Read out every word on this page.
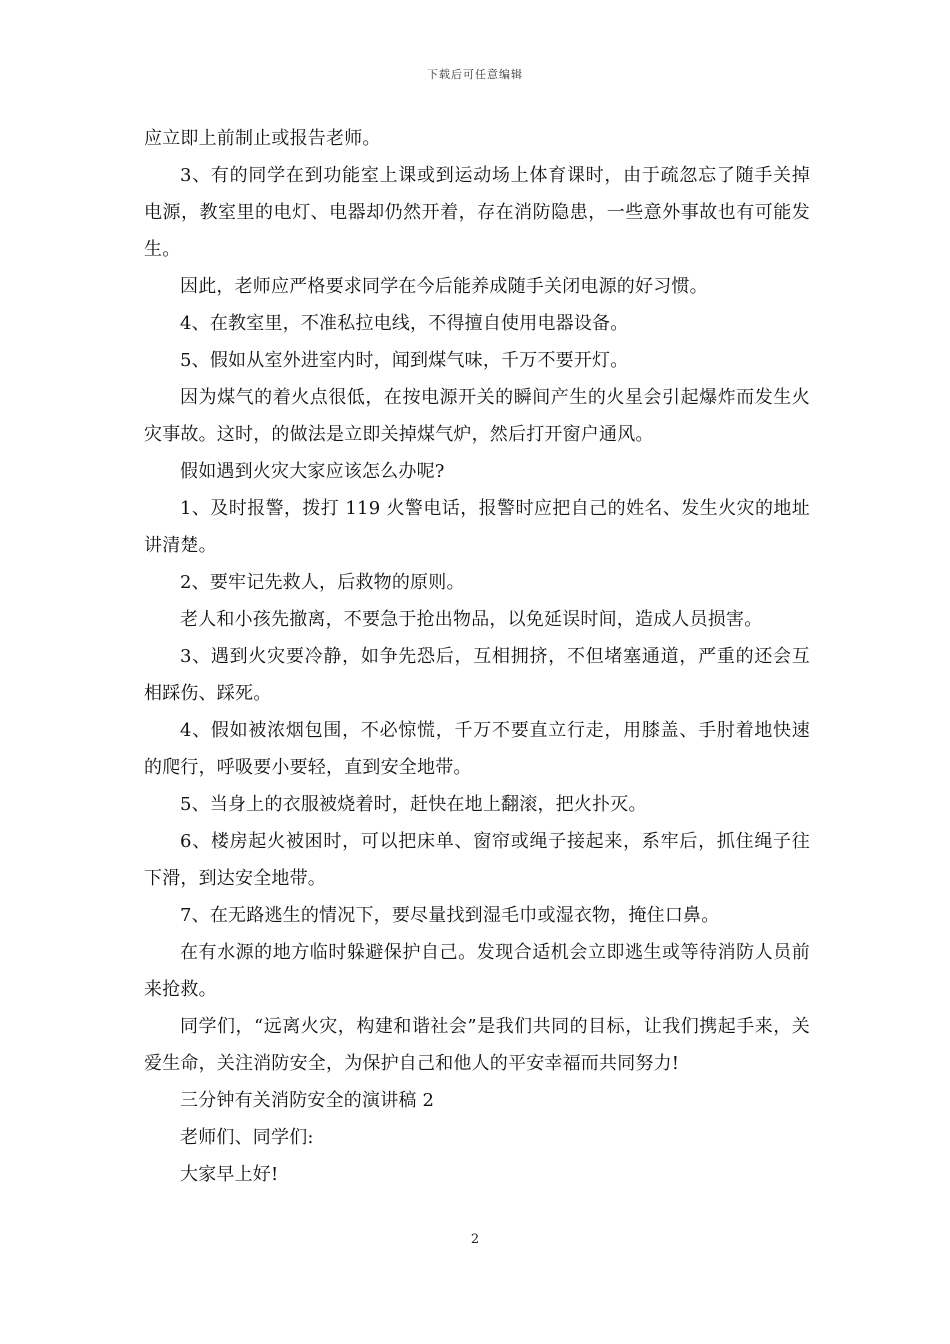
下载后可任意编辑

应立即上前制止或报告老师。

3、有的同学在到功能室上课或到运动场上体育课时，由于疏忽忘了随手关掉电源，教室里的电灯、电器却仍然开着，存在消防隐患，一些意外事故也有可能发生。

因此，老师应严格要求同学在今后能养成随手关闭电源的好习惯。

4、在教室里，不准私拉电线，不得擅自使用电器设备。

5、假如从室外进室内时，闻到煤气味，千万不要开灯。

因为煤气的着火点很低，在按电源开关的瞬间产生的火星会引起爆炸而发生火灾事故。这时，的做法是立即关掉煤气炉，然后打开窗户通风。

假如遇到火灾大家应该怎么办呢?

1、及时报警，拨打 119 火警电话，报警时应把自己的姓名、发生火灾的地址讲清楚。

2、要牢记先救人，后救物的原则。

老人和小孩先撤离，不要急于抢出物品，以免延误时间，造成人员损害。

3、遇到火灾要冷静，如争先恐后，互相拥挤，不但堵塞通道，严重的还会互相踩伤、踩死。

4、假如被浓烟包围，不必惊慌，千万不要直立行走，用膝盖、手肘着地快速的爬行，呼吸要小要轻，直到安全地带。

5、当身上的衣服被烧着时，赶快在地上翻滚，把火扑灭。

6、楼房起火被困时，可以把床单、窗帘或绳子接起来，系牢后，抓住绳子往下滑，到达安全地带。

7、在无路逃生的情况下，要尽量找到湿毛巾或湿衣物，掩住口鼻。

在有水源的地方临时躲避保护自己。发现合适机会立即逃生或等待消防人员前来抢救。

同学们，“远离火灾，构建和谐社会”是我们共同的目标，让我们携起手来，关爱生命，关注消防安全，为保护自己和他人的平安幸福而共同努力!

三分钟有关消防安全的演讲稿 2

老师们、同学们:

大家早上好!

2
